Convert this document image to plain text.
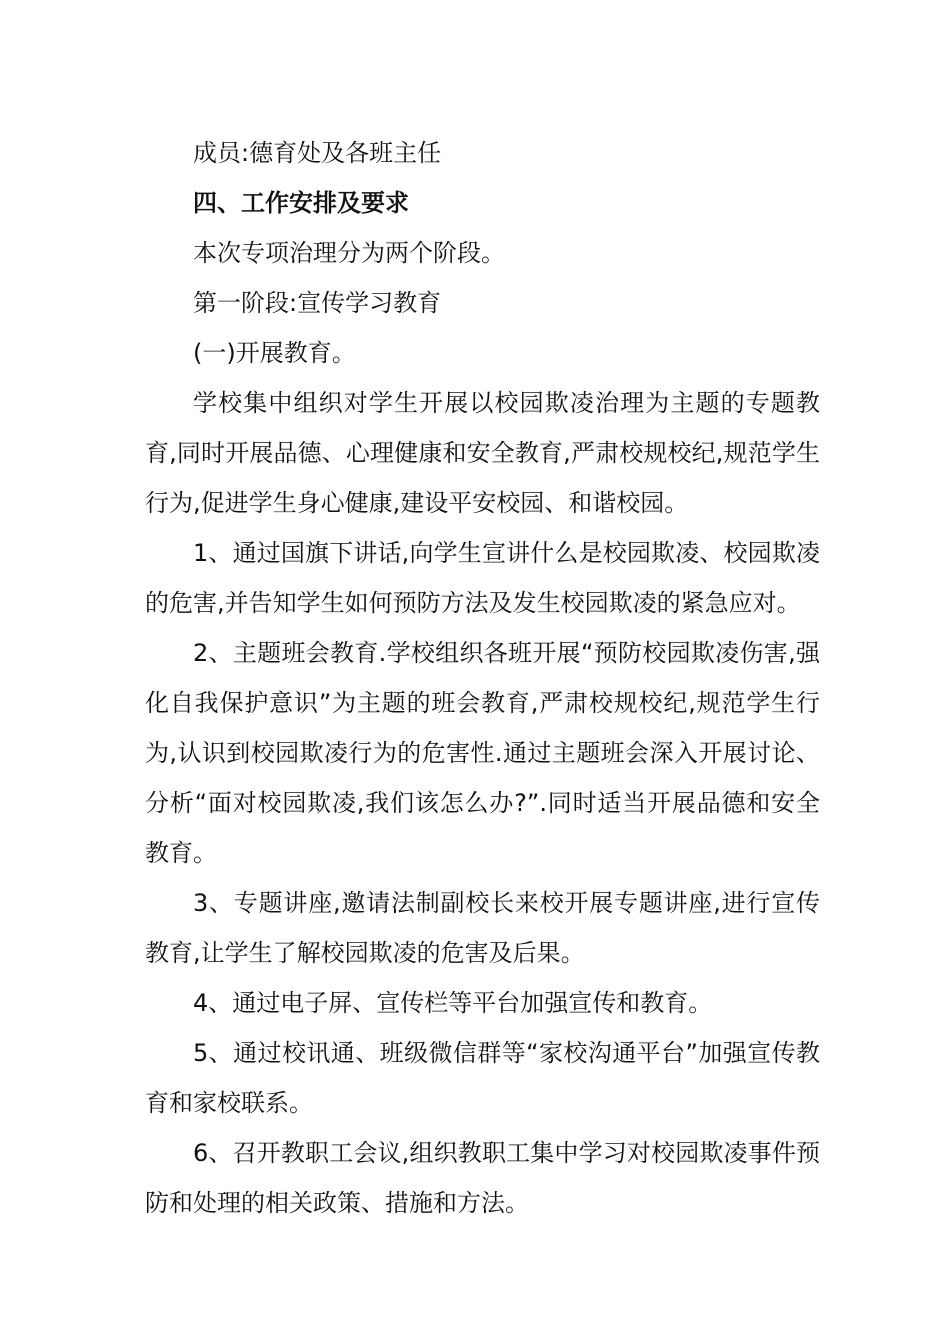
成员:德育处及各班主任

四、工作安排及要求

本次专项治理分为两个阶段。

第一阶段:宣传学习教育

(一)开展教育。

学校集中组织对学生开展以校园欺凌治理为主题的专题教育,同时开展品德、心理健康和安全教育,严肃校规校纪,规范学生行为,促进学生身心健康,建设平安校园、和谐校园。

1、通过国旗下讲话,向学生宣讲什么是校园欺凌、校园欺凌的危害,并告知学生如何预防方法及发生校园欺凌的紧急应对。

2、主题班会教育.学校组织各班开展“预防校园欺凌伤害,强化自我保护意识”为主题的班会教育,严肃校规校纪,规范学生行为,认识到校园欺凌行为的危害性.通过主题班会深入开展讨论、分析“面对校园欺凌,我们该怎么办?”.同时适当开展品德和安全教育。

3、专题讲座,邀请法制副校长来校开展专题讲座,进行宣传教育,让学生了解校园欺凌的危害及后果。

4、通过电子屏、宣传栏等平台加强宣传和教育。

5、通过校讯通、班级微信群等“家校沟通平台”加强宣传教育和家校联系。

6、召开教职工会议,组织教职工集中学习对校园欺凌事件预防和处理的相关政策、措施和方法。
